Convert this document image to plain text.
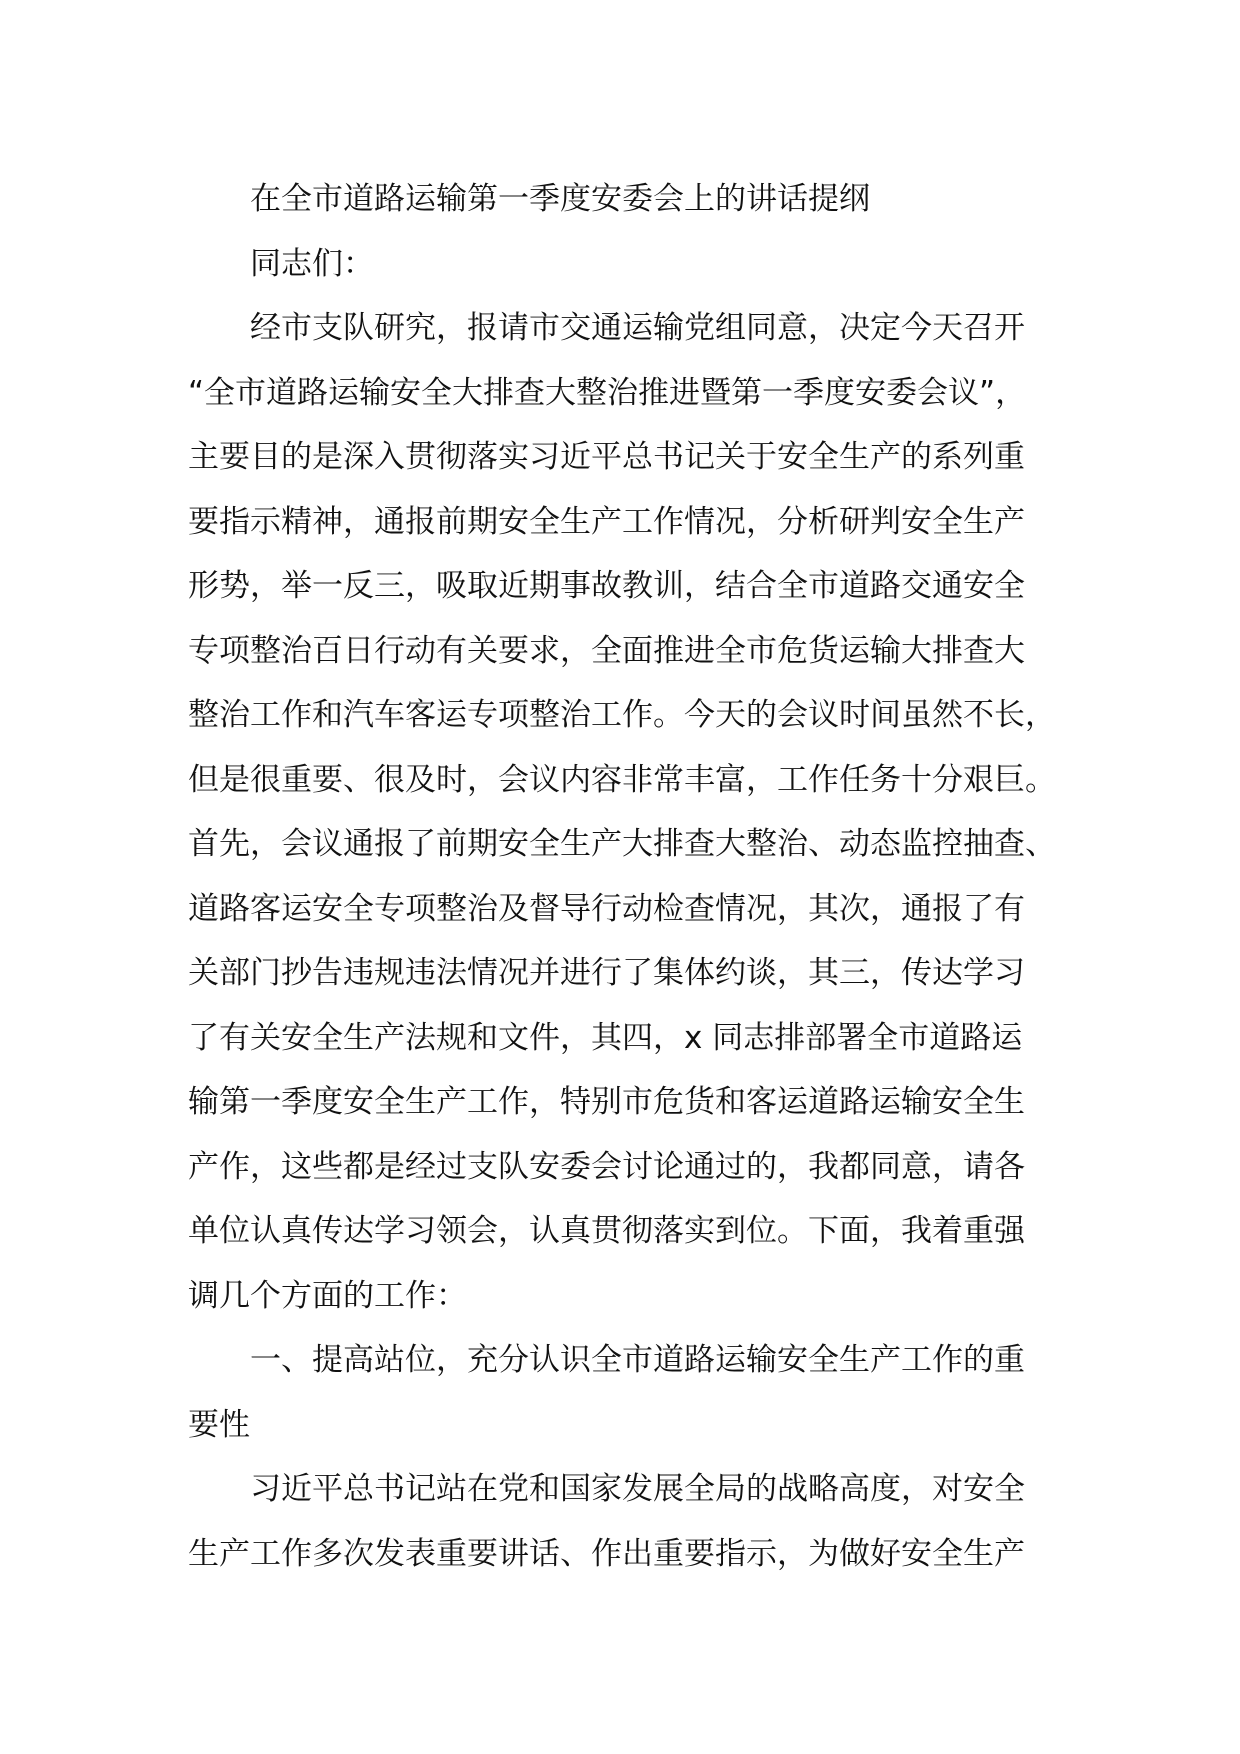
在全市道路运输第一季度安委会上的讲话提纲
同志们：
经市支队研究，报请市交通运输党组同意，决定今天召开
“全市道路运输安全大排查大整治推进暨第一季度安委会议”，
主要目的是深入贯彻落实习近平总书记关于安全生产的系列重
要指示精神，通报前期安全生产工作情况，分析研判安全生产
形势，举一反三，吸取近期事故教训，结合全市道路交通安全
专项整治百日行动有关要求，全面推进全市危货运输大排查大
整治工作和汽车客运专项整治工作。今天的会议时间虽然不长，
但是很重要、很及时，会议内容非常丰富，工作任务十分艰巨。
首先，会议通报了前期安全生产大排查大整治、动态监控抽查、
道路客运安全专项整治及督导行动检查情况，其次，通报了有
关部门抄告违规违法情况并进行了集体约谈，其三，传达学习
了有关安全生产法规和文件，其四，x 同志排部署全市道路运
输第一季度安全生产工作，特别市危货和客运道路运输安全生
产作，这些都是经过支队安委会讨论通过的，我都同意，请各
单位认真传达学习领会，认真贯彻落实到位。下面，我着重强
调几个方面的工作：
一、提高站位，充分认识全市道路运输安全生产工作的重
要性
习近平总书记站在党和国家发展全局的战略高度，对安全
生产工作多次发表重要讲话、作出重要指示，为做好安全生产
